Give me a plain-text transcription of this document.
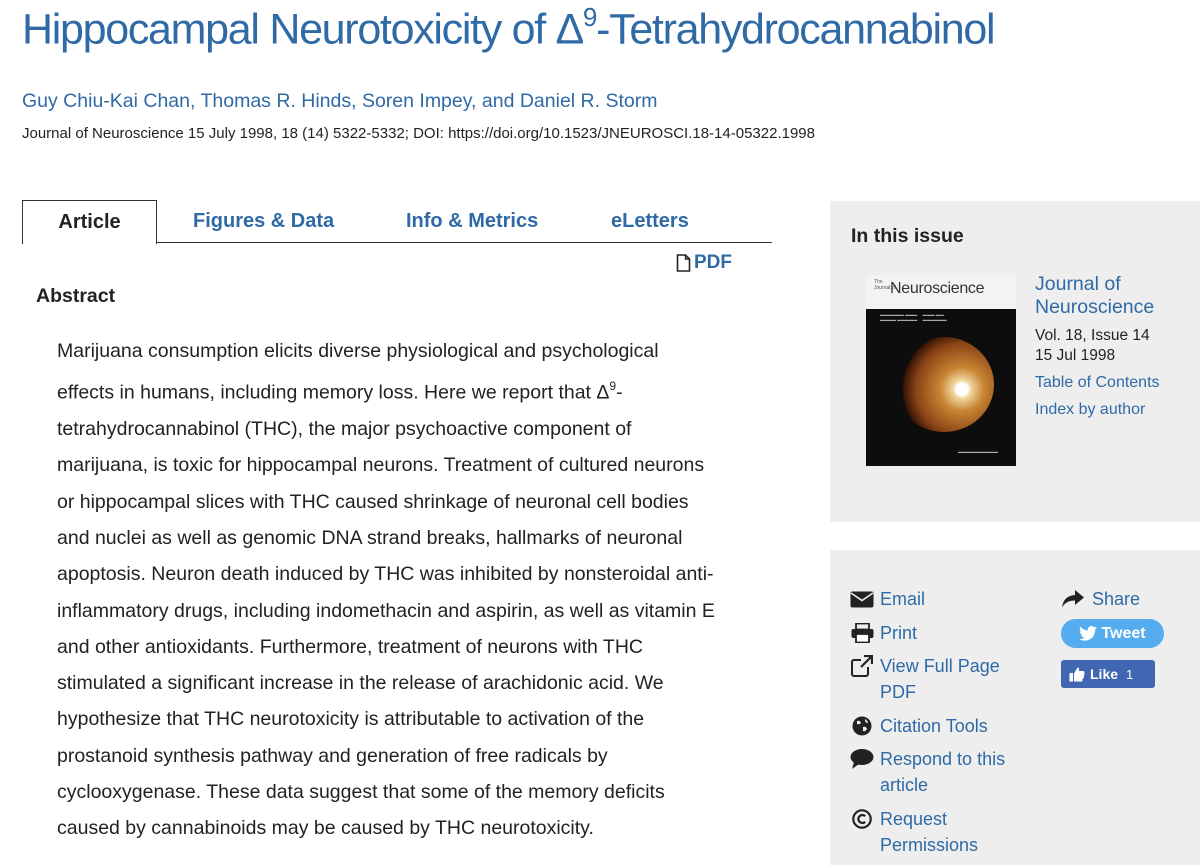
Hippocampal Neurotoxicity of $\Delta^9$-Tetrahydrocannabinol
Guy Chiu-Kai Chan, Thomas R. Hinds, Soren Impey, and Daniel R. Storm
Journal of Neuroscience 15 July 1998, 18 (14) 5322-5332; DOI: https://doi.org/10.1523/JNEUROSCI.18-14-05322.1998
Article	Figures & Data	Info & Metrics	eLetters
PDF
Abstract
Marijuana consumption elicits diverse physiological and psychological
effects in humans, including memory loss. Here we report that $\Delta^9-$
tetrahydrocannabinol (THC), the major psychoactive component of
marijuana, is toxic for hippocampal neurons. Treatment of cultured neurons
or hippocampal slices with THC caused shrinkage of neuronal cell bodies
and nuclei as well as genomic DNA strand breaks, hallmarks of neuronal
apoptosis. Neuron death induced by THC was inhibited by nonsteroidal anti-
inflammatory drugs, including indomethacin and aspirin, as well as vitamin E
and other antioxidants. Furthermore, treatment of neurons with THC
stimulated a significant increase in the release of arachidonic acid. We
hypothesize that THC neurotoxicity is attributable to activation of the
prostanoid synthesis pathway and generation of free radicals by
cyclooxygenase. These data suggest that some of the memory deficits
caused by cannabinoids may be caused by THC neurotoxicity.
In this issue
The
Journal of
Neuroscience
▬▬▬▬▬▬ ▬▬▬     ▬▬▬ ▬▬
▬▬▬▬ ▬▬▬▬▬     ▬▬▬▬▬▬
▬▬▬▬▬▬▬▬▬▬
Journal of
Neuroscience
Vol. 18, Issue 14
15 Jul 1998
Table of Contents
Index by author
Email
Print
View Full Page
PDF
Citation Tools
Respond to this
article
Request
Permissions
Share
Tweet
Like 1
